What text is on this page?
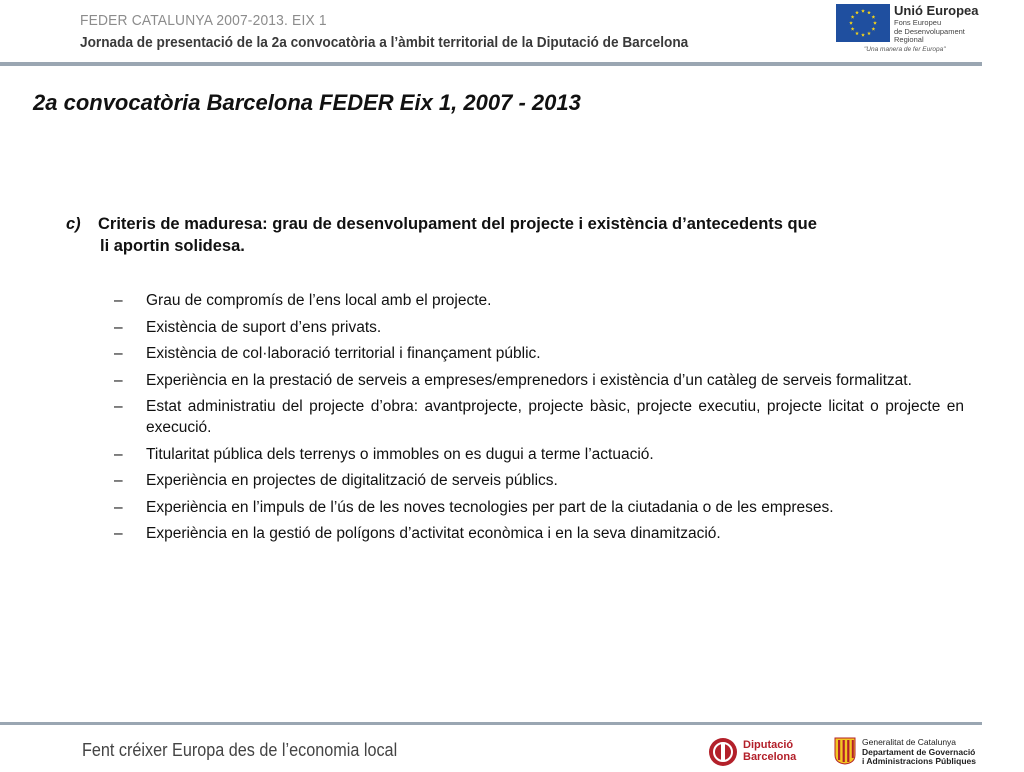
FEDER CATALUNYA 2007-2013. EIX 1
Jornada de presentació de la 2a convocatòria a l’àmbit territorial de la Diputació de Barcelona
Unió Europea
Fons Europeu
de Desenvolupament
Regional
"Una manera de fer Europa"
2a convocatòria Barcelona FEDER Eix 1, 2007 - 2013
c) Criteris de maduresa: grau de desenvolupament del projecte i existència d’antecedents que
li aportin solidesa.
– Grau de compromís de l’ens local amb el projecte.
– Existència de suport d’ens privats.
– Existència de col·laboració territorial i finançament públic.
– Experiència en la prestació de serveis a empreses/emprenedors i existència d’un catàleg de serveis formalitzat.
– Estat administratiu del projecte d’obra: avantprojecte, projecte bàsic, projecte executiu, projecte licitat o projecte en execució.
– Titularitat pública dels terrenys o immobles on es dugui a terme l’actuació.
– Experiència en projectes de digitalització de serveis públics.
– Experiència en l’impuls de l’ús de les noves tecnologies per part de la ciutadania o de les empreses.
– Experiència en la gestió de polígons d’activitat econòmica i en la seva dinamització.
Fent créixer Europa des de l’economia local	Diputació
Barcelona
Generalitat de Catalunya
Departament de Governació
i Administracions Públiques
